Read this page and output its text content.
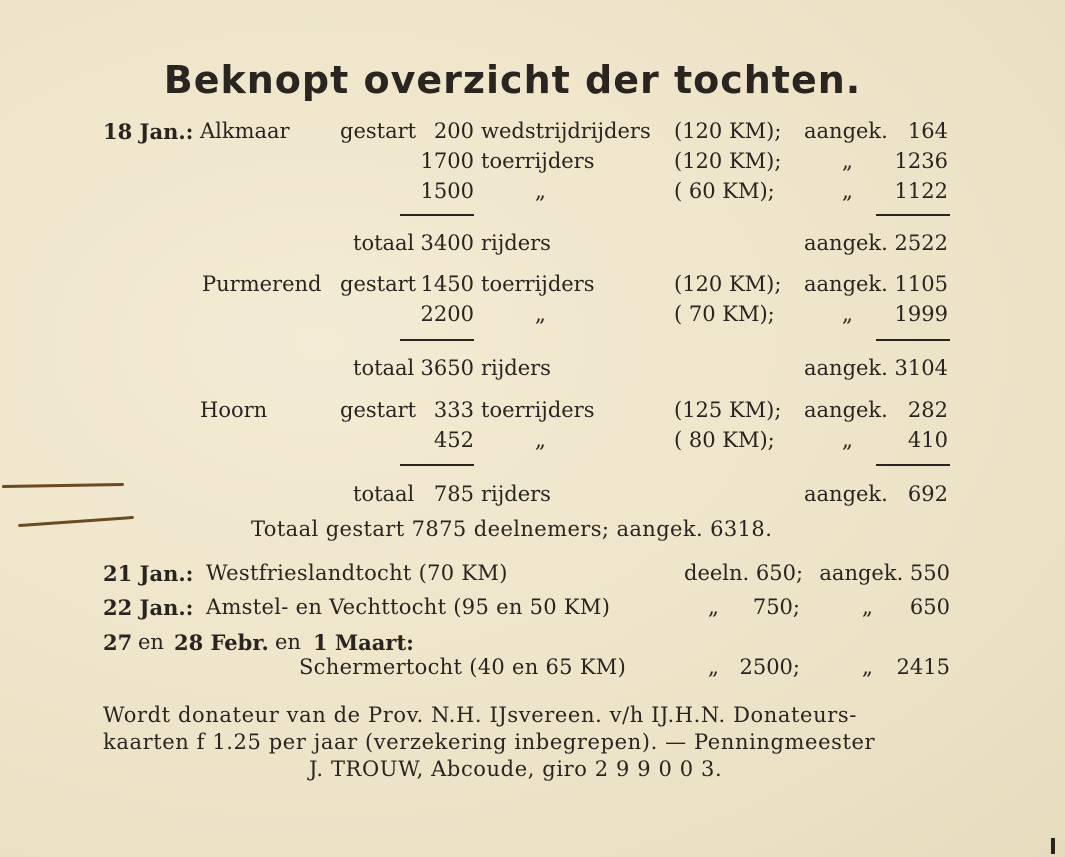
Beknopt overzicht der tochten.
18 Jan.: Alkmaar gestart 200 wedstrijdrijders (120 KM); aangek. 164
1700 toerrijders	(120 KM);	„	1236
1500	„	( 60 KM);	„	1122
totaal 3400 rijders	aangek. 2522
Purmerend gestart 1450 toerrijders	(120 KM); aangek. 1105
2200	„	( 70 KM);	„	1999
totaal 3650 rijders	aangek. 3104
Hoorn	gestart 333 toerrijders	(125 KM); aangek. 282
452	„	( 80 KM);	„	410
totaal 785 rijders	aangek. 692
Totaal gestart 7875 deelnemers; aangek. 6318.
21 Jan.: Westfrieslandtocht (70 KM)	deeln. 650; aangek. 550
22 Jan.: Amstel- en Vechttocht (95 en 50 KM)	„	750;	„	650
27 en 28 Febr. en 1 Maart:
Schermertocht (40 en 65 KM)	„ 2500;	„	2415
Wordt donateur van de Prov. N.H. IJsvereen. v/h IJ.H.N. Donateurs-
kaarten f 1.25 per jaar (verzekering inbegrepen). — Penningmeester
J. TROUW, Abcoude, giro 2 9 9 0 0 3.
